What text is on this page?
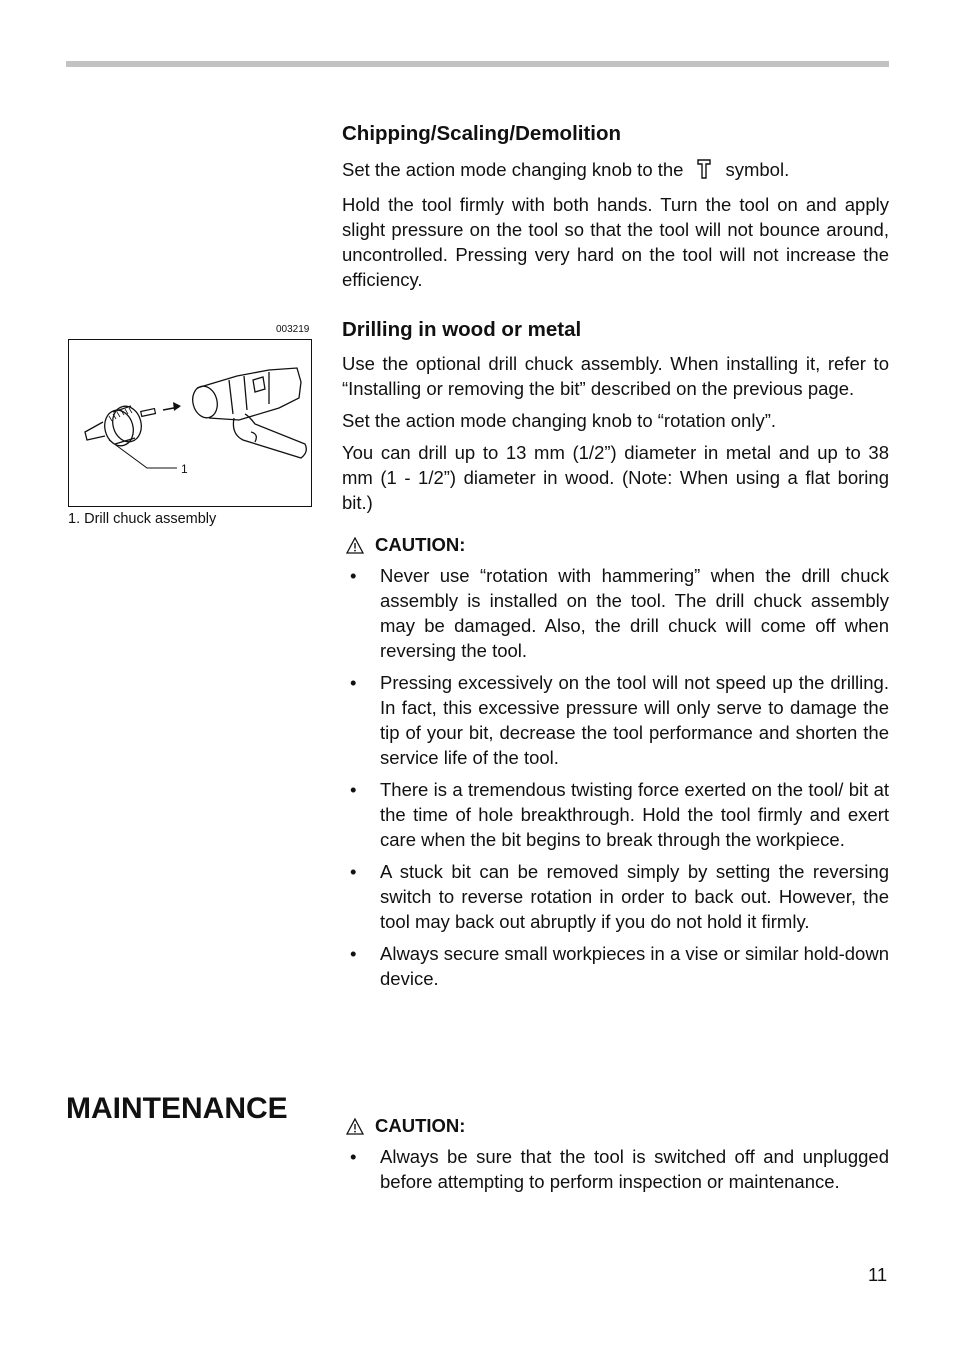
Chipping/Scaling/Demolition

Set the action mode changing knob to the symbol.

Hold the tool firmly with both hands. Turn the tool on and apply slight pressure on the tool so that the tool will not bounce around, uncontrolled. Pressing very hard on the tool will not increase the efficiency.

003219
1
1. Drill chuck assembly
Drilling in wood or metal

Use the optional drill chuck assembly. When installing it, refer to “Installing or removing the bit” described on the previous page.

Set the action mode changing knob to “rotation only”.

You can drill up to 13 mm (1/2”) diameter in metal and up to 38 mm (1 - 1/2”) diameter in wood. (Note: When using a flat boring bit.)

CAUTION:
• Never use “rotation with hammering” when the drill chuck assembly is installed on the tool. The drill chuck assembly may be damaged. Also, the drill chuck will come off when reversing the tool.
• Pressing excessively on the tool will not speed up the drilling. In fact, this excessive pressure will only serve to damage the tip of your bit, decrease the tool performance and shorten the service life of the tool.
• There is a tremendous twisting force exerted on the tool/ bit at the time of hole breakthrough. Hold the tool firmly and exert care when the bit begins to break through the workpiece.
• A stuck bit can be removed simply by setting the reversing switch to reverse rotation in order to back out. However, the tool may back out abruptly if you do not hold it firmly.
• Always secure small workpieces in a vise or similar hold-down device.
MAINTENANCE
CAUTION:
• Always be sure that the tool is switched off and unplugged before attempting to perform inspection or maintenance.
11
